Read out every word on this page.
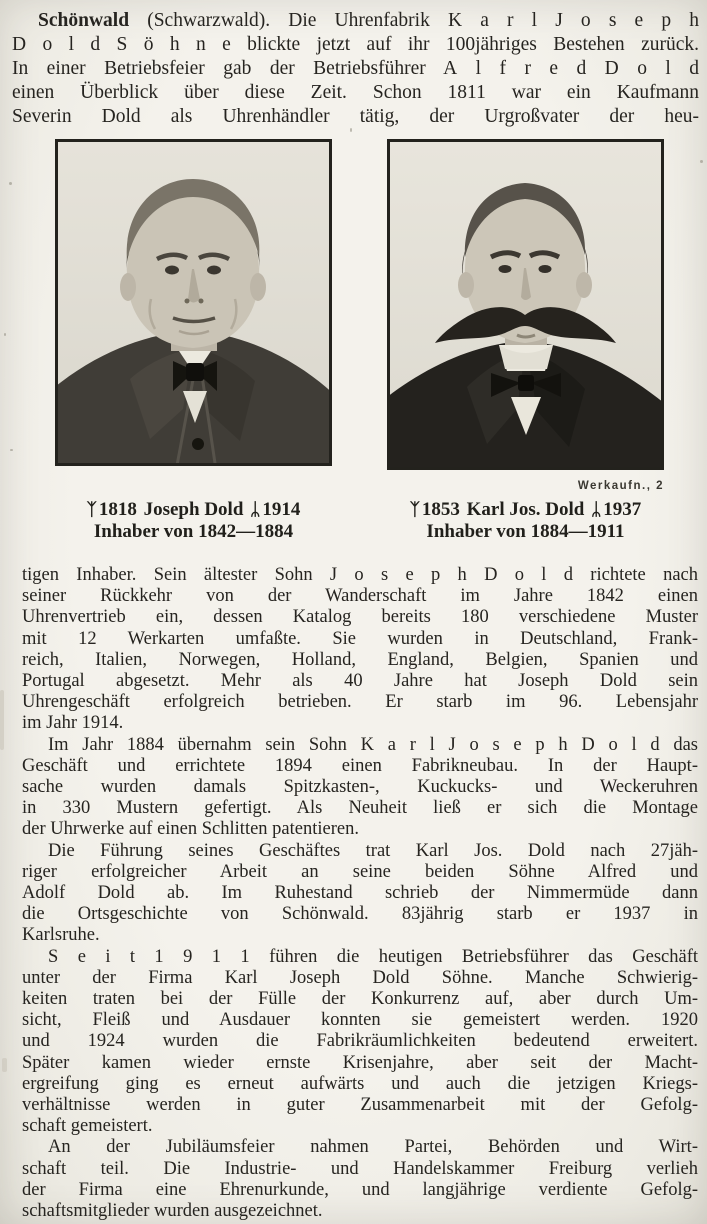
Schönwald (Schwarzwald). Die Uhrenfabrik K a r l J o s e p h
D o l d S ö h n e blickte jetzt auf ihr 100jähriges Bestehen zurück.
In einer Betriebsfeier gab der Betriebsführer A l f r e d D o l d
einen Überblick über diese Zeit. Schon 1811 war ein Kaufmann
Severin Dold als Uhrenhändler tätig, der Urgroßvater der heu-
ᛉ 1818 Joseph Dold ᛦ 1914
Inhaber von 1842—1884
Werkaufn., 2
ᛉ 1853 Karl Jos. Dold ᛦ 1937
Inhaber von 1884—1911
tigen Inhaber. Sein ältester Sohn J o s e p h D o l d richtete nach
seiner Rückkehr von der Wanderschaft im Jahre 1842 einen
Uhrenvertrieb ein, dessen Katalog bereits 180 verschiedene Muster
mit 12 Werkarten umfaßte. Sie wurden in Deutschland, Frank-
reich, Italien, Norwegen, Holland, England, Belgien, Spanien und
Portugal abgesetzt. Mehr als 40 Jahre hat Joseph Dold sein
Uhrengeschäft erfolgreich betrieben. Er starb im 96. Lebensjahr
im Jahr 1914.
Im Jahr 1884 übernahm sein Sohn K a r l J o s e p h D o l d das
Geschäft und errichtete 1894 einen Fabrikneubau. In der Haupt-
sache wurden damals Spitzkasten-, Kuckucks- und Weckeruhren
in 330 Mustern gefertigt. Als Neuheit ließ er sich die Montage
der Uhrwerke auf einen Schlitten patentieren.
Die Führung seines Geschäftes trat Karl Jos. Dold nach 27jäh-
riger erfolgreicher Arbeit an seine beiden Söhne Alfred und
Adolf Dold ab. Im Ruhestand schrieb der Nimmermüde dann
die Ortsgeschichte von Schönwald. 83jährig starb er 1937 in
Karlsruhe.
S e i t 1 9 1 1 führen die heutigen Betriebsführer das Geschäft
unter der Firma Karl Joseph Dold Söhne. Manche Schwierig-
keiten traten bei der Fülle der Konkurrenz auf, aber durch Um-
sicht, Fleiß und Ausdauer konnten sie gemeistert werden. 1920
und 1924 wurden die Fabrikräumlichkeiten bedeutend erweitert.
Später kamen wieder ernste Krisenjahre, aber seit der Macht-
ergreifung ging es erneut aufwärts und auch die jetzigen Kriegs-
verhältnisse werden in guter Zusammenarbeit mit der Gefolg-
schaft gemeistert.
An der Jubiläumsfeier nahmen Partei, Behörden und Wirt-
schaft teil. Die Industrie- und Handelskammer Freiburg verlieh
der Firma eine Ehrenurkunde, und langjährige verdiente Gefolg-
schaftsmitglieder wurden ausgezeichnet.
